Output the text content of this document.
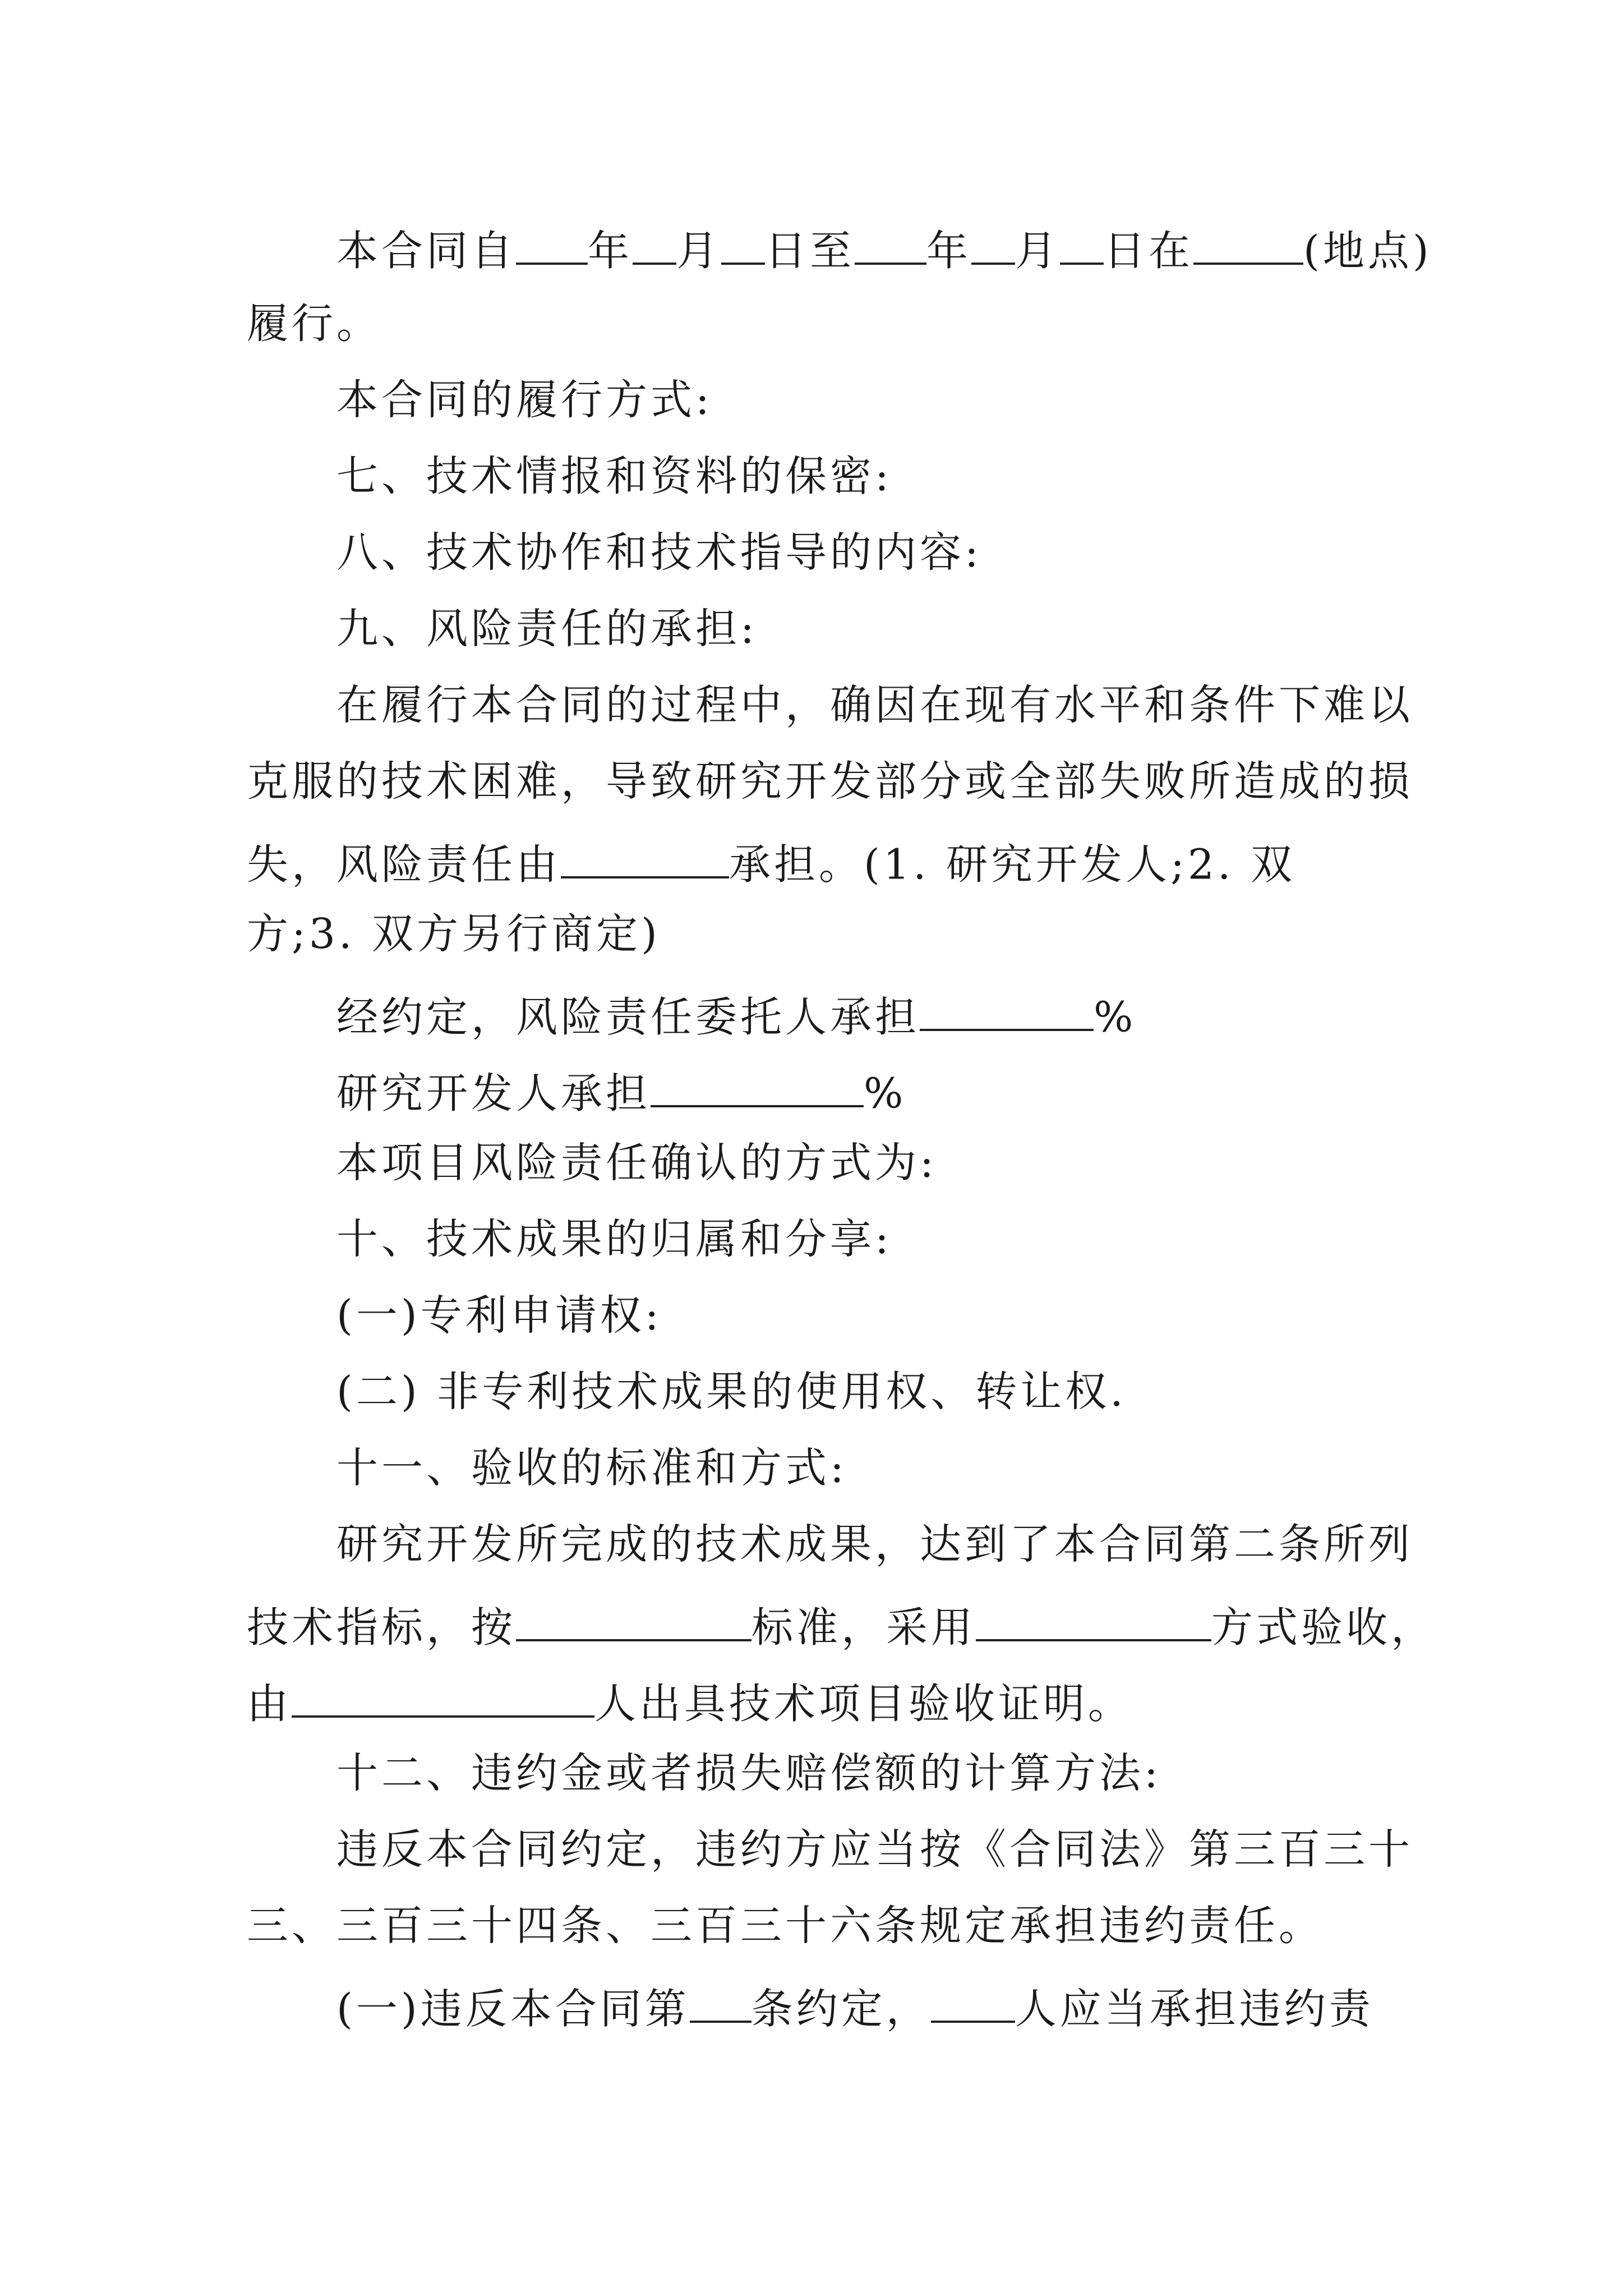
本合同自 年 月 日至 年 月 日在	(地点)
履行。
本合同的履行方式:
七、技术情报和资料的保密:
八、技术协作和技术指导的内容:
九、风险责任的承担:
在履行本合同的过程中，确因在现有水平和条件下难以
克服的技术困难，导致研究开发部分或全部失败所造成的损
失，风险责任由	承担。(1. 研究开发人;2. 双
方;3. 双方另行商定)
经约定，风险责任委托人承担	%
研究开发人承担	%
本项目风险责任确认的方式为:
十、技术成果的归属和分享:
(一)专利申请权:
(二) 非专利技术成果的使用权、转让权.
十一、验收的标准和方式:
研究开发所完成的技术成果，达到了本合同第二条所列
技术指标，按	标准，采用	方式验收，
由	人出具技术项目验收证明。
十二、违约金或者损失赔偿额的计算方法:
违反本合同约定，违约方应当按《合同法》第三百三十
三、三百三十四条、三百三十六条规定承担违约责任。
(一)违反本合同第 条约定， 人应当承担违约责
